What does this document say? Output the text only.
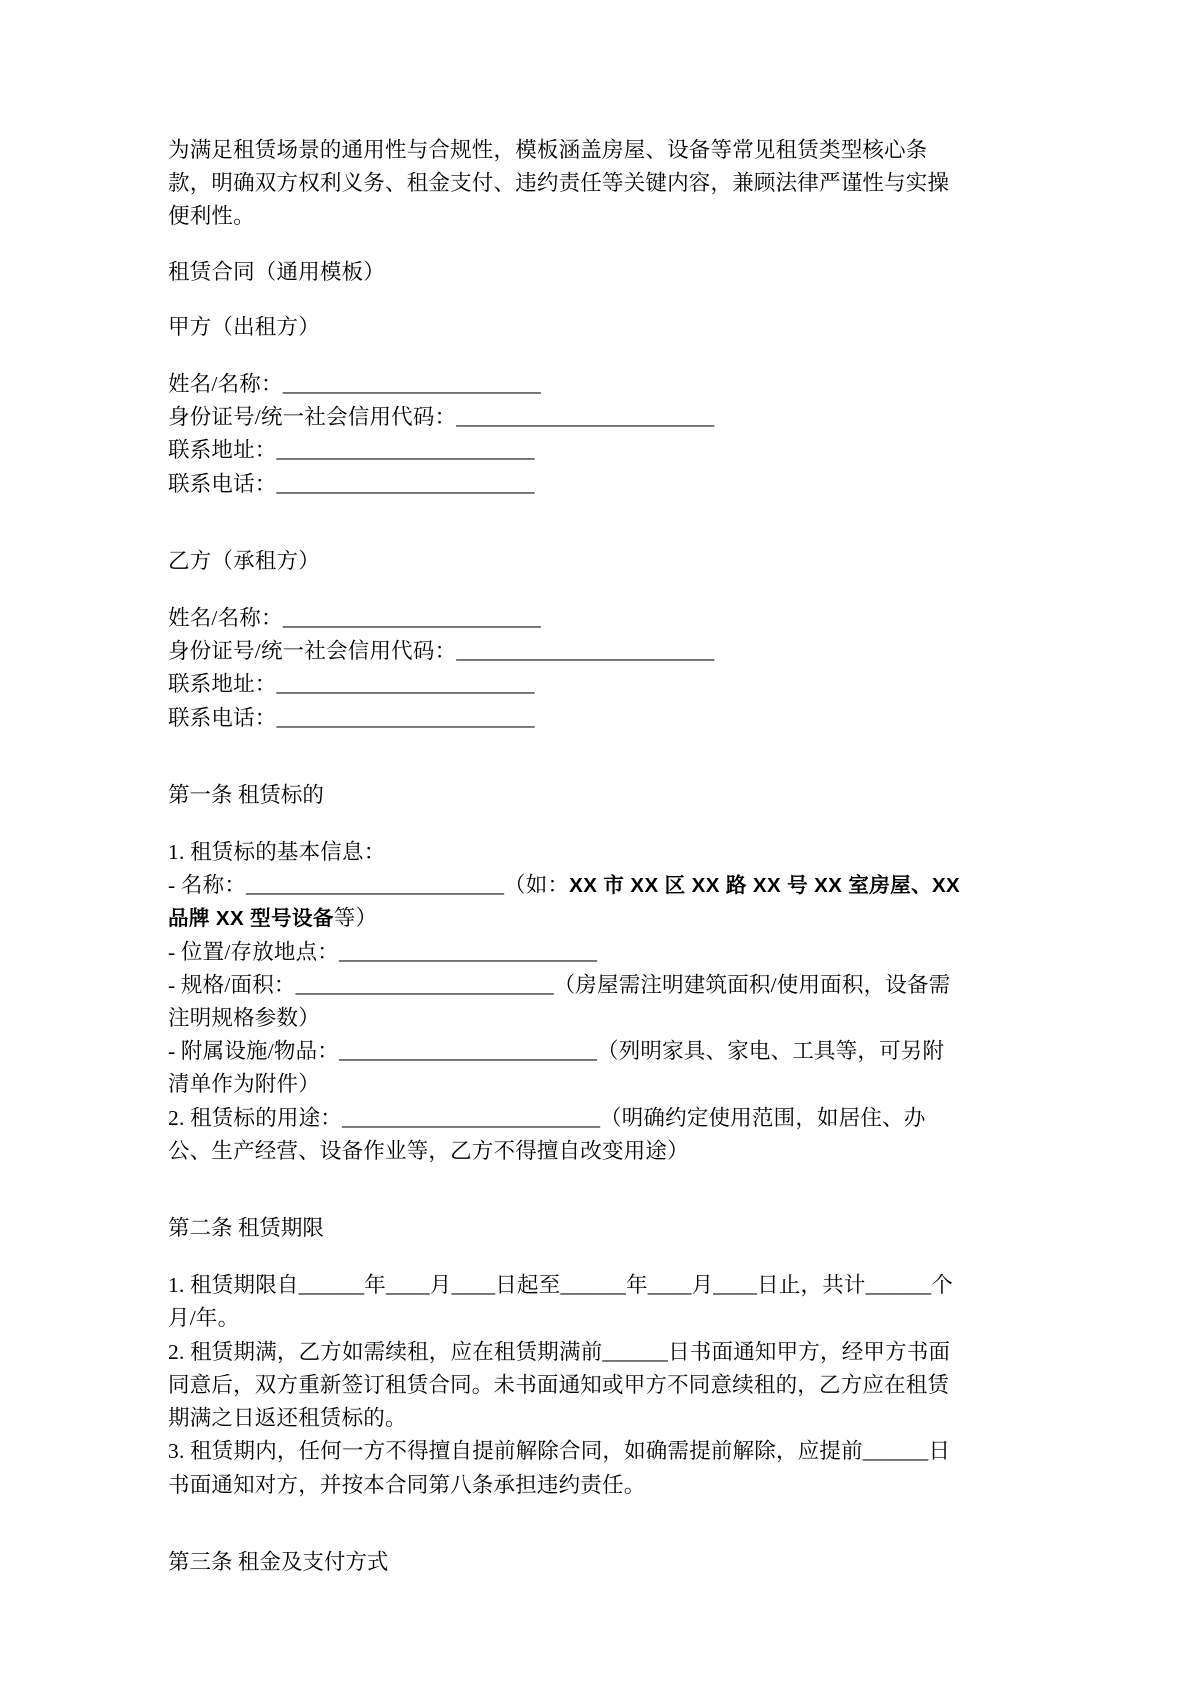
为满足租赁场景的通用性与合规性，模板涵盖房屋、设备等常见租赁类型核心条款，明确双方权利义务、租金支付、违约责任等关键内容，兼顾法律严谨性与实操便利性。

租赁合同（通用模板）

甲方（出租方）

姓名/名称：________________________

身份证号/统一社会信用代码：________________________

联系地址：________________________

联系电话：________________________

乙方（承租方）

姓名/名称：________________________

身份证号/统一社会信用代码：________________________

联系地址：________________________

联系电话：________________________

第一条 租赁标的

1. 租赁标的基本信息：

- 名称：________________________（如：XX 市 XX 区 XX 路 XX 号 XX 室房屋、XX 品牌 XX 型号设备等）

- 位置/存放地点：________________________

- 规格/面积：________________________（房屋需注明建筑面积/使用面积，设备需注明规格参数）

- 附属设施/物品：________________________（列明家具、家电、工具等，可另附清单作为附件）

2. 租赁标的用途：________________________（明确约定使用范围，如居住、办公、生产经营、设备作业等，乙方不得擅自改变用途）

第二条 租赁期限

1. 租赁期限自______年____月____日起至______年____月____日止，共计______个月/年。

2. 租赁期满，乙方如需续租，应在租赁期满前______日书面通知甲方，经甲方书面同意后，双方重新签订租赁合同。未书面通知或甲方不同意续租的，乙方应在租赁期满之日返还租赁标的。

3. 租赁期内，任何一方不得擅自提前解除合同，如确需提前解除，应提前______日书面通知对方，并按本合同第八条承担违约责任。

第三条 租金及支付方式
